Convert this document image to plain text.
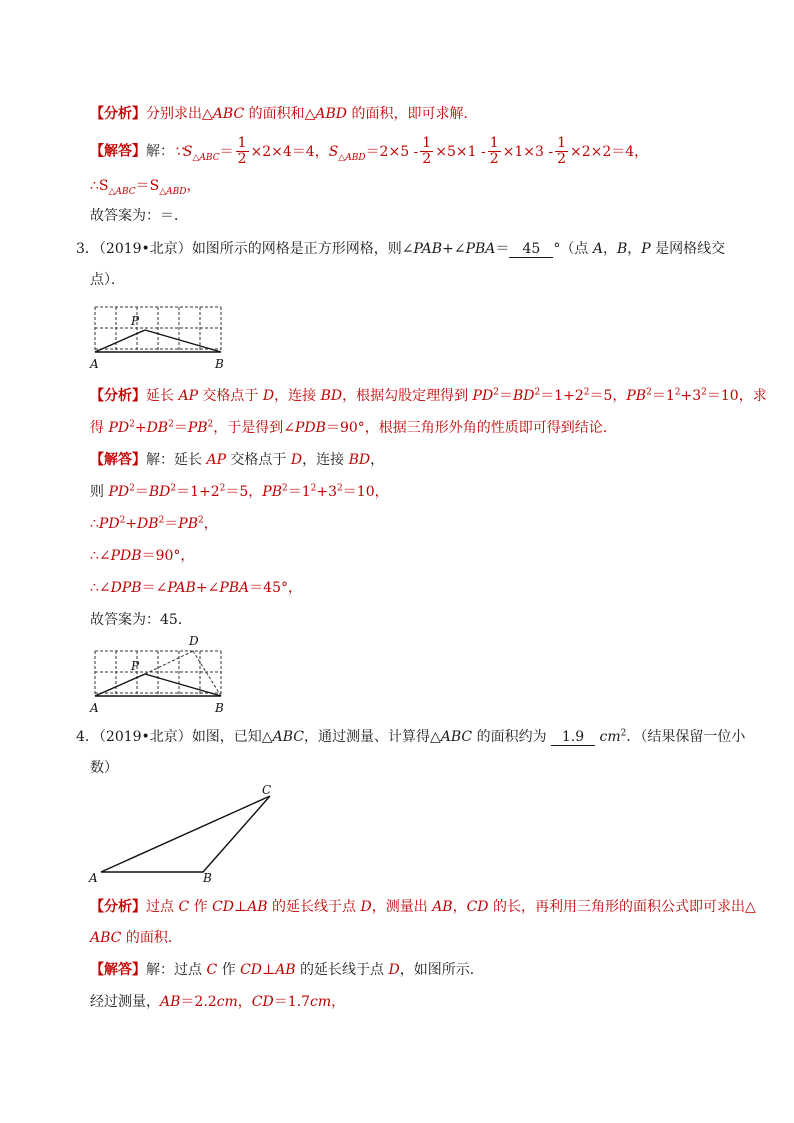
【分析】分别求出△ABC 的面积和△ABD 的面积，即可求解．
【解答】解：$\because S_{\triangle ABC}= \frac{1}{2} \times 2\times 4=4$，$S_{\triangle ABD}=2\times 5 - \frac{1}{2} \times 5\times 1 - \frac{1}{2} \times 1\times 3 - \frac{1}{2} \times 2\times 2=4$，
$\therefore S_{\triangle ABC}=S_{\triangle ABD}$，
故答案为：＝．
3．（2019•北京）如图所示的网格是正方形网格，则∠PAB+∠PBA＝ 45 °（点 A，B，P 是网格线交
点）．
P
A	B
【分析】延长 AP 交格点于 D，连接 BD，根据勾股定理得到 $PD^2=BD^2=1+2^2=5$，$PB^2=1^2+3^2=10$，求
得 $PD^2+DB^2=PB^2$，于是得到∠PDB＝90°，根据三角形外角的性质即可得到结论.
【解答】解：延长 AP 交格点于 D，连接 BD，
则 $PD^2=BD^2=1+2^2=5$，$PB^2=1^2+3^2=10$，
$\therefore PD^2+DB^2=PB^2$，
∴∠PDB＝90°，
∴∠DPB＝∠PAB+∠PBA＝45°，
故答案为：45．
P
D
A	B
4．（2019•北京）如图，已知△ABC，通过测量、计算得△ABC 的面积约为 1.9 $cm^2$．（结果保留一位小
数）
A	B
C
【分析】过点 C 作 CD⊥AB 的延长线于点 D，测量出 AB，CD 的长，再利用三角形的面积公式即可求出△
ABC 的面积．
【解答】解：过点 C 作 CD⊥AB 的延长线于点 D，如图所示．
经过测量，AB＝2.2cm，CD＝1.7cm，
